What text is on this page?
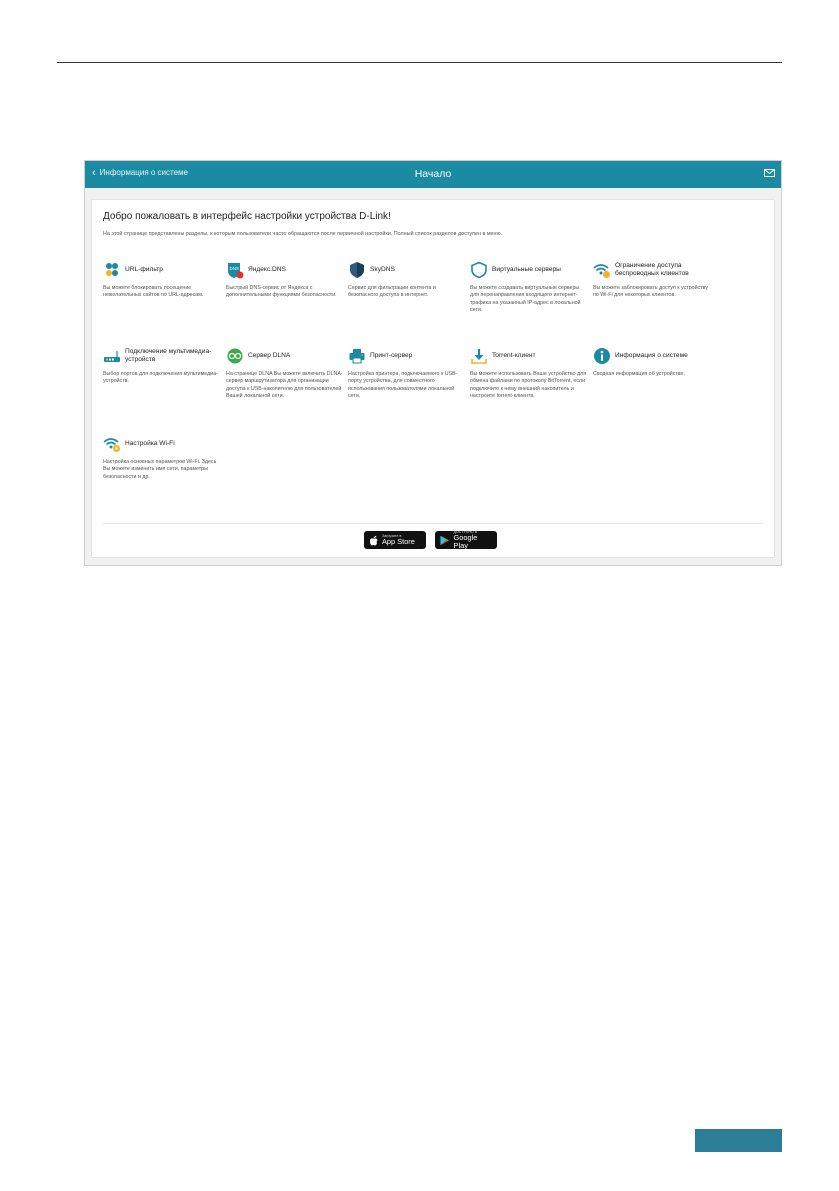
‹ Информация о системе	Начало
Добро пожаловать в интерфейс настройки устройства D-Link!
На этой странице представлены разделы, к которым пользователи часто обращаются после первичной настройки. Полный список разделов доступен в меню.
URL-фильтр
Вы можете блокировать посещение нежелательных сайтов по URL-адресам.
DNS Яндекс.DNS
Быстрый DNS-сервис от Яндекса с дополнительными функциями безопасности.
SkyDNS
Сервис для фильтрации контента и безопасного доступа в интернет.
Виртуальные серверы
Вы можете создавать виртуальные серверы для перенаправления входящего интернет-трафика на указанный IP-адрес в локальной сети.
Ограничение доступа беспроводных клиентов
Вы можете заблокировать доступ к устройству по Wi-Fi для некоторых клиентов.
Подключение мультимедиа-устройств
Выбор портов для подключения мультимедиа-устройств.
Сервер DLNA
На странице DLNA Вы можете включить DLNA-сервер маршрутизатора для организации доступа к USB-накопителю для пользователей Вашей локальной сети.
Принт-сервер
Настройка принтера, подключаемого к USB-порту устройства, для совместного использования пользователями локальной сети.
Torrent-клиент
Вы можете использовать Ваше устройство для обмена файлами по протоколу BitTorrent, если подключите к нему внешний накопитель и настроите torrent-клиента.
Информация о системе
Сводная информация об устройстве.
Настройка Wi-Fi
Настройка основных параметров Wi-Fi. Здесь Вы можете изменить имя сети, параметры безопасности и др.
Загрузите в
App Store
ДОСТУПНО В
Google Play
